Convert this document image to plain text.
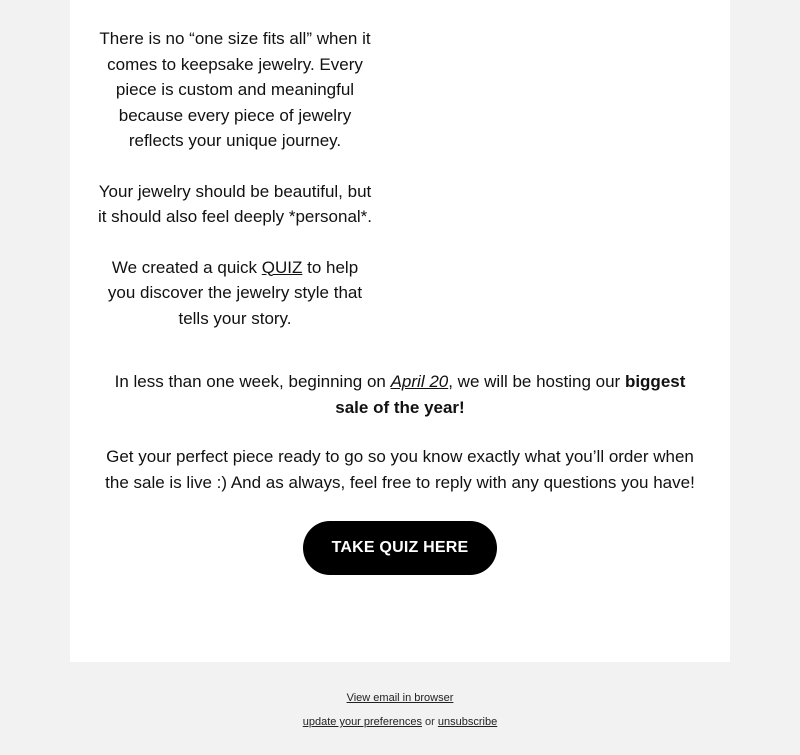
There is no “one size fits all” when it comes to keepsake jewelry. Every piece is custom and meaningful because every piece of jewelry reflects your unique journey.

Your jewelry should be beautiful, but it should also feel deeply *personal*.

We created a quick QUIZ to help you discover the jewelry style that tells your story.

In less than one week, beginning on April 20, we will be hosting our biggest sale of the year!

Get your perfect piece ready to go so you know exactly what you’ll order when the sale is live :) And as always, feel free to reply with any questions you have!

TAKE QUIZ HERE
View email in browser
update your preferences or unsubscribe
